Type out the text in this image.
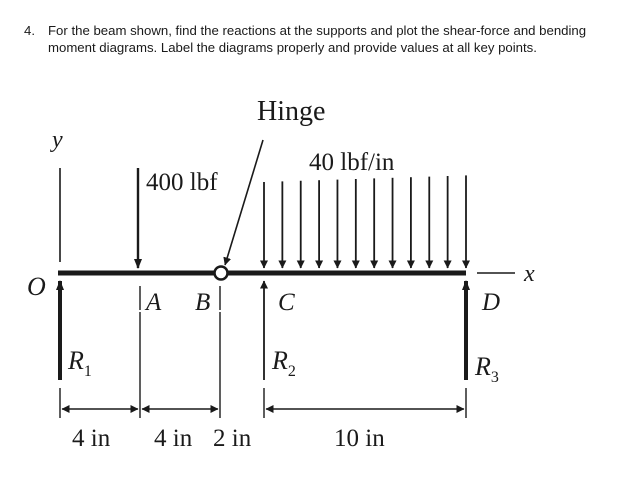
4. For the beam shown, find the reactions at the supports and plot the shear-force and bending moment diagrams. Label the diagrams properly and provide values at all key points.
y
O	x
Hinge
400 lbf
40 lbf/in
$R_1$	$R_2$	$R_3$
A B	C	D
4 in 4 in 2 in	10 in
